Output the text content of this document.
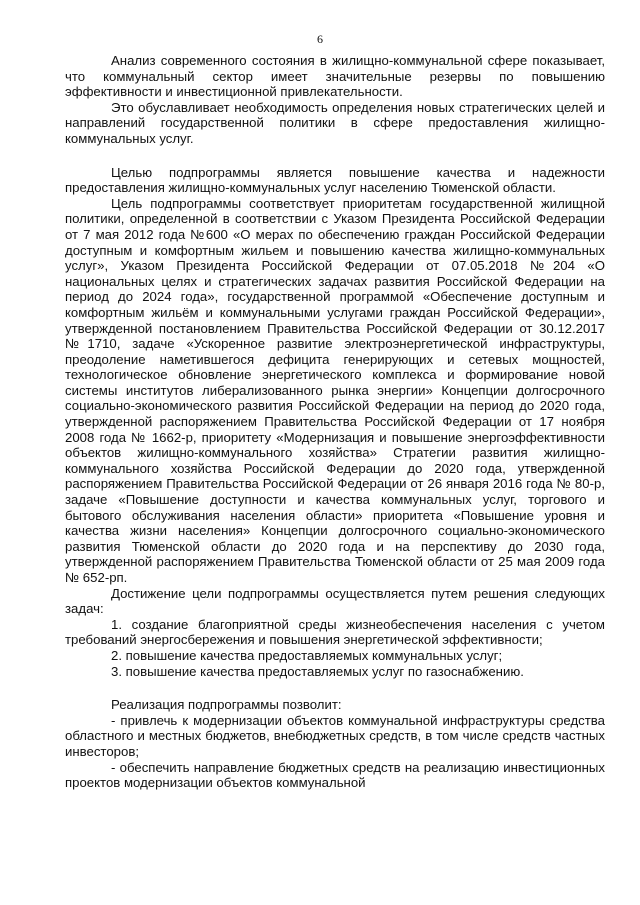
6

Анализ современного состояния в жилищно-коммунальной сфере показывает, что коммунальный сектор имеет значительные резервы по повышению эффективности и инвестиционной привлекательности.

Это обуславливает необходимость определения новых стратегических целей и направлений государственной политики в сфере предоставления жилищно-коммунальных услуг.

Целью подпрограммы является повышение качества и надежности предоставления жилищно-коммунальных услуг населению Тюменской области.

Цель подпрограммы соответствует приоритетам государственной жилищной политики, определенной в соответствии с Указом Президента Российской Федерации от 7 мая 2012 года №600 «О мерах по обеспечению граждан Российской Федерации доступным и комфортным жильем и повышению качества жилищно-коммунальных услуг», Указом Президента Российской Федерации от 07.05.2018 №204 «О национальных целях и стратегических задачах развития Российской Федерации на период до 2024 года», государственной программой «Обеспечение доступным и комфортным жильём и коммунальными услугами граждан Российской Федерации», утвержденной постановлением Правительства Российской Федерации от 30.12.2017 №1710, задаче «Ускоренное развитие электроэнергетической инфраструктуры, преодоление наметившегося дефицита генерирующих и сетевых мощностей, технологическое обновление энергетического комплекса и формирование новой системы институтов либерализованного рынка энергии» Концепции долгосрочного социально-экономического развития Российской Федерации на период до 2020 года, утвержденной распоряжением Правительства Российской Федерации от 17 ноября 2008 года № 1662-р, приоритету «Модернизация и повышение энергоэффективности объектов жилищно-коммунального хозяйства» Стратегии развития жилищно-коммунального хозяйства Российской Федерации до 2020 года, утвержденной распоряжением Правительства Российской Федерации от 26 января 2016 года № 80-р, задаче «Повышение доступности и качества коммунальных услуг, торгового и бытового обслуживания населения области» приоритета «Повышение уровня и качества жизни населения» Концепции долгосрочного социально-экономического развития Тюменской области до 2020 года и на перспективу до 2030 года, утвержденной распоряжением Правительства Тюменской области от 25 мая 2009 года № 652-рп.

Достижение цели подпрограммы осуществляется путем решения следующих задач:

1. создание благоприятной среды жизнеобеспечения населения с учетом требований энергосбережения и повышения энергетической эффективности;

2. повышение качества предоставляемых коммунальных услуг;

3. повышение качества предоставляемых услуг по газоснабжению.

Реализация подпрограммы позволит:

- привлечь к модернизации объектов коммунальной инфраструктуры средства областного и местных бюджетов, внебюджетных средств, в том числе средств частных инвесторов;

- обеспечить направление бюджетных средств на реализацию инвестиционных проектов модернизации объектов коммунальной
